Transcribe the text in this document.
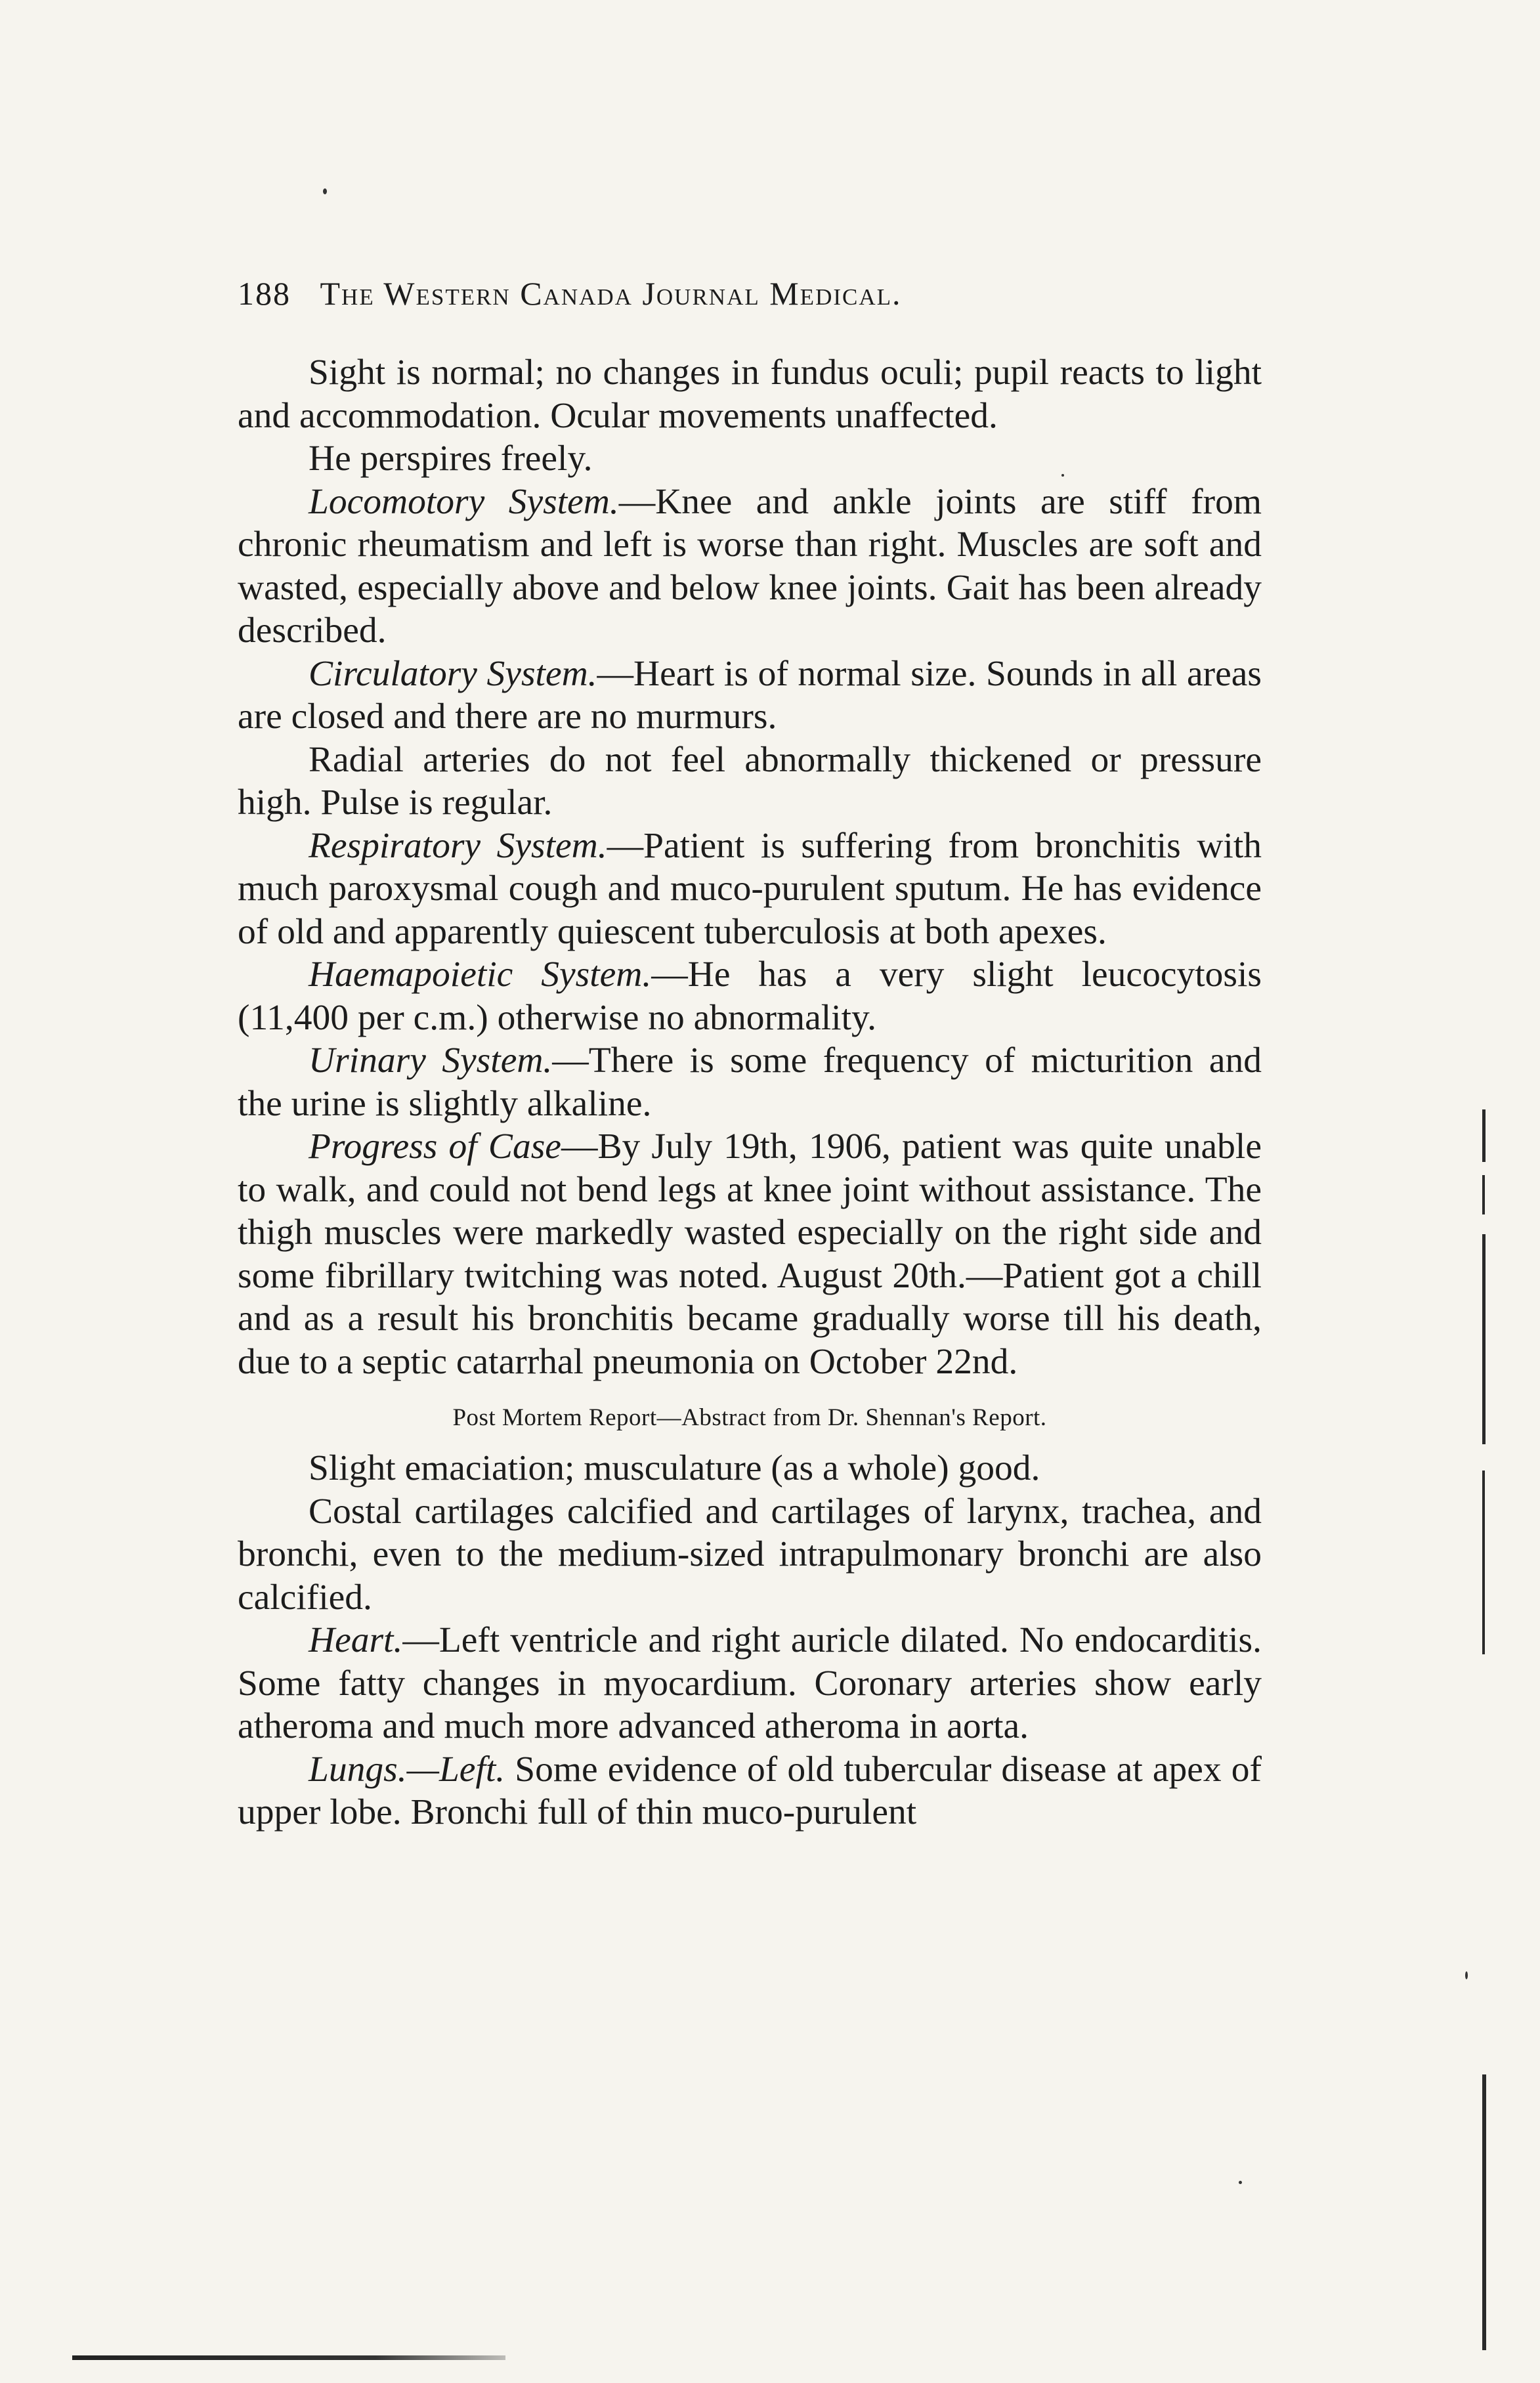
188 The Western Canada Journal Medical.

Sight is normal; no changes in fundus oculi; pupil reacts to light and accommodation. Ocular movements unaffected.

He perspires freely.

Locomotory System.—Knee and ankle joints are stiff from chronic rheumatism and left is worse than right. Muscles are soft and wasted, especially above and below knee joints. Gait has been already described.

Circulatory System.—Heart is of normal size. Sounds in all areas are closed and there are no murmurs.

Radial arteries do not feel abnormally thickened or pressure high. Pulse is regular.

Respiratory System.—Patient is suffering from bronchitis with much paroxysmal cough and muco-purulent sputum. He has evidence of old and apparently quiescent tuberculosis at both apexes.

Haemapoietic System.—He has a very slight leucocytosis (11,400 per c.m.) otherwise no abnormality.

Urinary System.—There is some frequency of micturition and the urine is slightly alkaline.

Progress of Case—By July 19th, 1906, patient was quite unable to walk, and could not bend legs at knee joint without assistance. The thigh muscles were markedly wasted especially on the right side and some fibrillary twitching was noted. August 20th.—Patient got a chill and as a result his bronchitis became gradually worse till his death, due to a septic catarrhal pneumonia on October 22nd.

Post Mortem Report—Abstract from Dr. Shennan's Report.

Slight emaciation; musculature (as a whole) good.

Costal cartilages calcified and cartilages of larynx, trachea, and bronchi, even to the medium-sized intrapulmonary bronchi are also calcified.

Heart.—Left ventricle and right auricle dilated. No endocarditis. Some fatty changes in myocardium. Coronary arteries show early atheroma and much more advanced atheroma in aorta.

Lungs.—Left. Some evidence of old tubercular disease at apex of upper lobe. Bronchi full of thin muco-purulent
